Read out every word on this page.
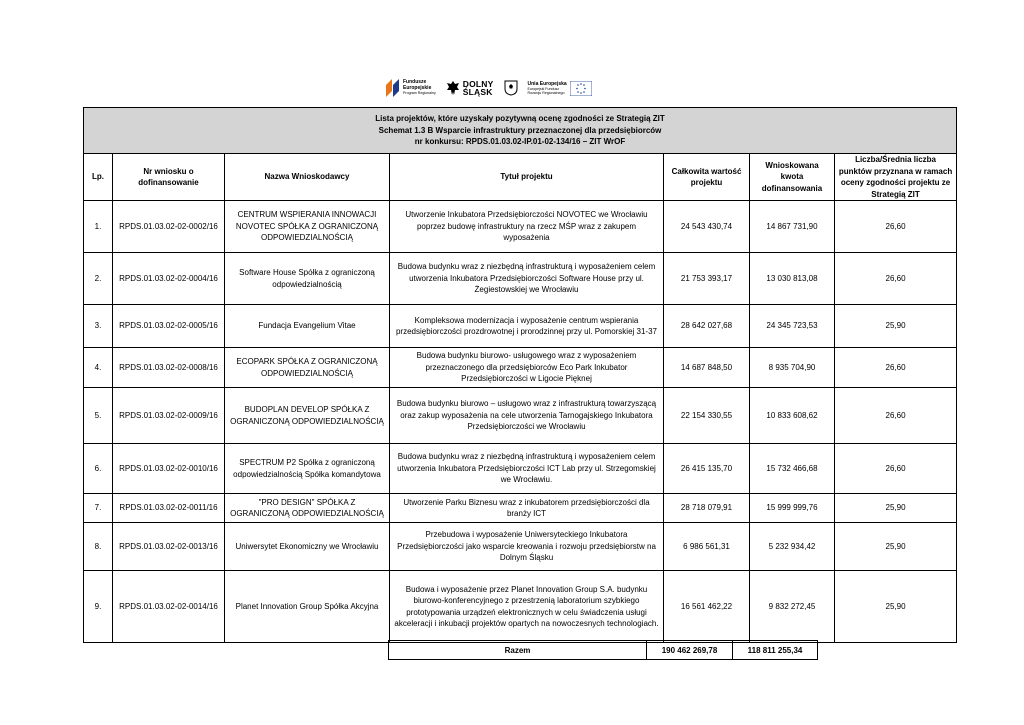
Fundusze
Europejskie
Program Regionalny
DOLNY
ŚLĄSK
Unia Europejska
Europejski Fundusz
Rozwoju Regionalnego
Lista projektów, które uzyskały pozytywną ocenę zgodności ze Strategią ZIT
Schemat 1.3 B Wsparcie infrastruktury przeznaczonej dla przedsiębiorców
nr konkursu: RPDS.01.03.02-IP.01-02-134/16 – ZIT WrOF						

Lp.	Nr wniosku o dofinansowanie	Nazwa Wnioskodawcy	Tytuł projektu	Całkowita wartość projektu	Wnioskowana kwota dofinansowania	Liczba/Średnia liczba punktów przyznana w ramach oceny zgodności projektu ze Strategią ZIT
1.	RPDS.01.03.02-02-0002/16	CENTRUM WSPIERANIA INNOWACJI NOVOTEC SPÓŁKA Z OGRANICZONĄ ODPOWIEDZIALNOŚCIĄ	Utworzenie Inkubatora Przedsiębiorczości NOVOTEC we Wrocławiu poprzez budowę infrastruktury na rzecz MŚP wraz z zakupem wyposażenia	24 543 430,74	14 867 731,90	26,60
2.	RPDS.01.03.02-02-0004/16	Software House Spółka z ograniczoną odpowiedzialnością	Budowa budynku wraz z niezbędną infrastrukturą i wyposażeniem celem utworzenia Inkubatora Przedsiębiorczości Software House przy ul. Żegiestowskiej we Wrocławiu	21 753 393,17	13 030 813,08	26,60
3.	RPDS.01.03.02-02-0005/16	Fundacja Evangelium Vitae	Kompleksowa modernizacja i wyposażenie centrum wspierania przedsiębiorczości prozdrowotnej i prorodzinnej przy ul. Pomorskiej 31-37	28 642 027,68	24 345 723,53	25,90
4.	RPDS.01.03.02-02-0008/16	ECOPARK SPÓŁKA Z OGRANICZONĄ ODPOWIEDZIALNOŚCIĄ	Budowa budynku biurowo- usługowego wraz z wyposażeniem przeznaczonego dla przedsiębiorców Eco Park Inkubator Przedsiębiorczości w Ligocie Pięknej	14 687 848,50	8 935 704,90	26,60
5.	RPDS.01.03.02-02-0009/16	BUDOPLAN DEVELOP SPÓŁKA Z OGRANICZONĄ ODPOWIEDZIALNOŚCIĄ	Budowa budynku biurowo – usługowo wraz z infrastrukturą towarzyszącą oraz zakup wyposażenia na cele utworzenia Tarnogajskiego Inkubatora Przedsiębiorczości we Wrocławiu	22 154 330,55	10 833 608,62	26,60
6.	RPDS.01.03.02-02-0010/16	SPECTRUM P2 Spółka z ograniczoną odpowiedzialnością Spółka komandytowa	Budowa budynku wraz z niezbędną infrastrukturą i wyposażeniem celem utworzenia Inkubatora Przedsiębiorczości ICT Lab przy ul. Strzegomskiej we Wrocławiu.	26 415 135,70	15 732 466,68	26,60
7.	RPDS.01.03.02-02-0011/16	"PRO DESIGN" SPÓŁKA Z OGRANICZONĄ ODPOWIEDZIALNOŚCIĄ	Utworzenie Parku Biznesu wraz z inkubatorem przedsiębiorczości dla branży ICT	28 718 079,91	15 999 999,76	25,90
8.	RPDS.01.03.02-02-0013/16	Uniwersytet Ekonomiczny we Wrocławiu	Przebudowa i wyposażenie Uniwersyteckiego Inkubatora Przedsiębiorczości jako wsparcie kreowania i rozwoju przedsiębiorstw na Dolnym Śląsku	6 986 561,31	5 232 934,42	25,90
9.	RPDS.01.03.02-02-0014/16	Planet Innovation Group Spółka Akcyjna	Budowa i wyposażenie przez Planet Innovation Group S.A. budynku biurowo-konferencyjnego z przestrzenią laboratorium szybkiego prototypowania urządzeń elektronicznych w celu świadczenia usługi akceleracji i inkubacji projektów opartych na nowoczesnych technologiach.	16 561 462,22	9 832 272,45	25,90
Razem	190 462 269,78	118 811 255,34
